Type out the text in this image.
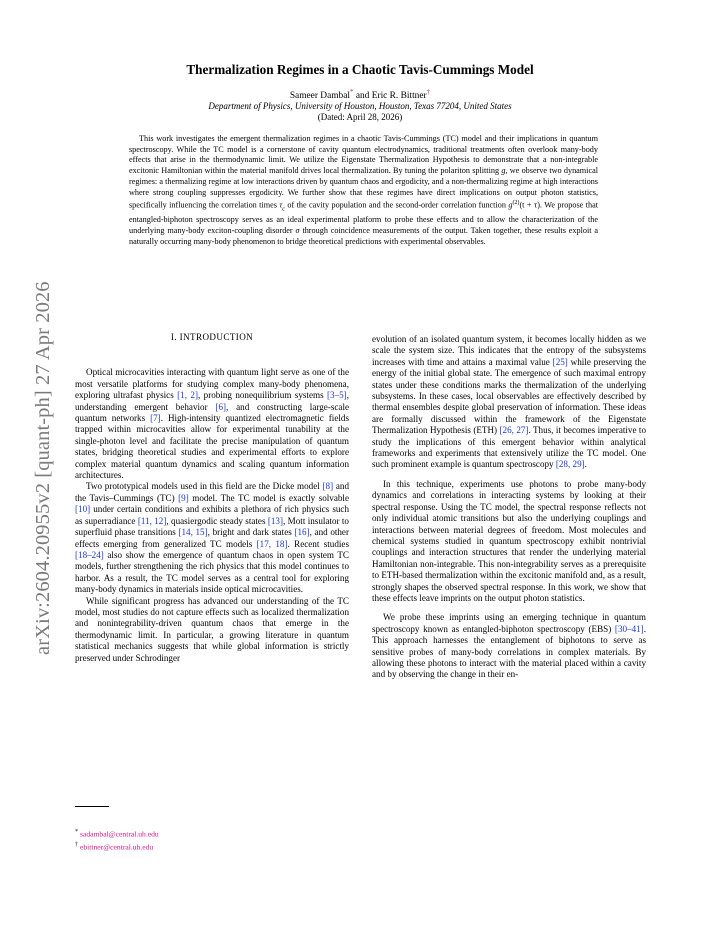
arXiv:2604.20955v2 [quant-ph] 27 Apr 2026
Thermalization Regimes in a Chaotic Tavis-Cummings Model
Sameer Dambal* and Eric R. Bittner†
Department of Physics, University of Houston, Houston, Texas 77204, United States
(Dated: April 28, 2026)

This work investigates the emergent thermalization regimes in a chaotic Tavis-Cummings (TC) model and their implications in quantum spectroscopy. While the TC model is a cornerstone of cavity quantum electrodynamics, traditional treatments often overlook many-body effects that arise in the thermodynamic limit. We utilize the Eigenstate Thermalization Hypothesis to demonstrate that a non-integrable excitonic Hamiltonian within the material manifold drives local thermalization. By tuning the polariton splitting g, we observe two dynamical regimes: a thermalizing regime at low interactions driven by quantum chaos and ergodicity, and a non-thermalizing regime at high interactions where strong coupling suppresses ergodicity. We further show that these regimes have direct implications on output photon statistics, specifically influencing the correlation times $\tau_c$ of the cavity population and the second-order correlation function $g^{(2)}(t + \tau)$. We propose that entangled-biphoton spectroscopy serves as an ideal experimental platform to probe these effects and to allow the characterization of the underlying many-body exciton-coupling disorder σ through coincidence measurements of the output. Taken together, these results exploit a naturally occurring many-body phenomenon to bridge theoretical predictions with experimental observables.

I. INTRODUCTION

Optical microcavities interacting with quantum light serve as one of the most versatile platforms for studying complex many-body phenomena, exploring ultrafast physics [1, 2], probing nonequilibrium systems [3–5], understanding emergent behavior [6], and constructing large-scale quantum networks [7]. High-intensity quantized electromagnetic fields trapped within microcavities allow for experimental tunability at the single-photon level and facilitate the precise manipulation of quantum states, bridging theoretical studies and experimental efforts to explore complex material quantum dynamics and scaling quantum information architectures.

Two prototypical models used in this field are the Dicke model [8] and the Tavis–Cummings (TC) [9] model. The TC model is exactly solvable [10] under certain conditions and exhibits a plethora of rich physics such as superradiance [11, 12], quasiergodic steady states [13], Mott insulator to superfluid phase transitions [14, 15], bright and dark states [16], and other effects emerging from generalized TC models [17, 18]. Recent studies [18–24] also show the emergence of quantum chaos in open system TC models, further strengthening the rich physics that this model continues to harbor. As a result, the TC model serves as a central tool for exploring many-body dynamics in materials inside optical microcavities.

While significant progress has advanced our understanding of the TC model, most studies do not capture effects such as localized thermalization and nonintegrability-driven quantum chaos that emerge in the thermodynamic limit. In particular, a growing literature in quantum statistical mechanics suggests that while global information is strictly preserved under Schrodinger

evolution of an isolated quantum system, it becomes locally hidden as we scale the system size. This indicates that the entropy of the subsystems increases with time and attains a maximal value [25] while preserving the energy of the initial global state. The emergence of such maximal entropy states under these conditions marks the thermalization of the underlying subsystems. In these cases, local observables are effectively described by thermal ensembles despite global preservation of information. These ideas are formally discussed within the framework of the Eigenstate Thermalization Hypothesis (ETH) [26, 27]. Thus, it becomes imperative to study the implications of this emergent behavior within analytical frameworks and experiments that extensively utilize the TC model. One such prominent example is quantum spectroscopy [28, 29].

In this technique, experiments use photons to probe many-body dynamics and correlations in interacting systems by looking at their spectral response. Using the TC model, the spectral response reflects not only individual atomic transitions but also the underlying couplings and interactions between material degrees of freedom. Most molecules and chemical systems studied in quantum spectroscopy exhibit nontrivial couplings and interaction structures that render the underlying material Hamiltonian non-integrable. This non-integrability serves as a prerequisite to ETH-based thermalization within the excitonic manifold and, as a result, strongly shapes the observed spectral response. In this work, we show that these effects leave imprints on the output photon statistics.

We probe these imprints using an emerging technique in quantum spectroscopy known as entangled-biphoton spectroscopy (EBS) [30–41]. This approach harnesses the entanglement of biphotons to serve as sensitive probes of many-body correlations in complex materials. By allowing these photons to interact with the material placed within a cavity and by observing the change in their en-

* sadambal@central.uh.edu
† ebittner@central.uh.edu
